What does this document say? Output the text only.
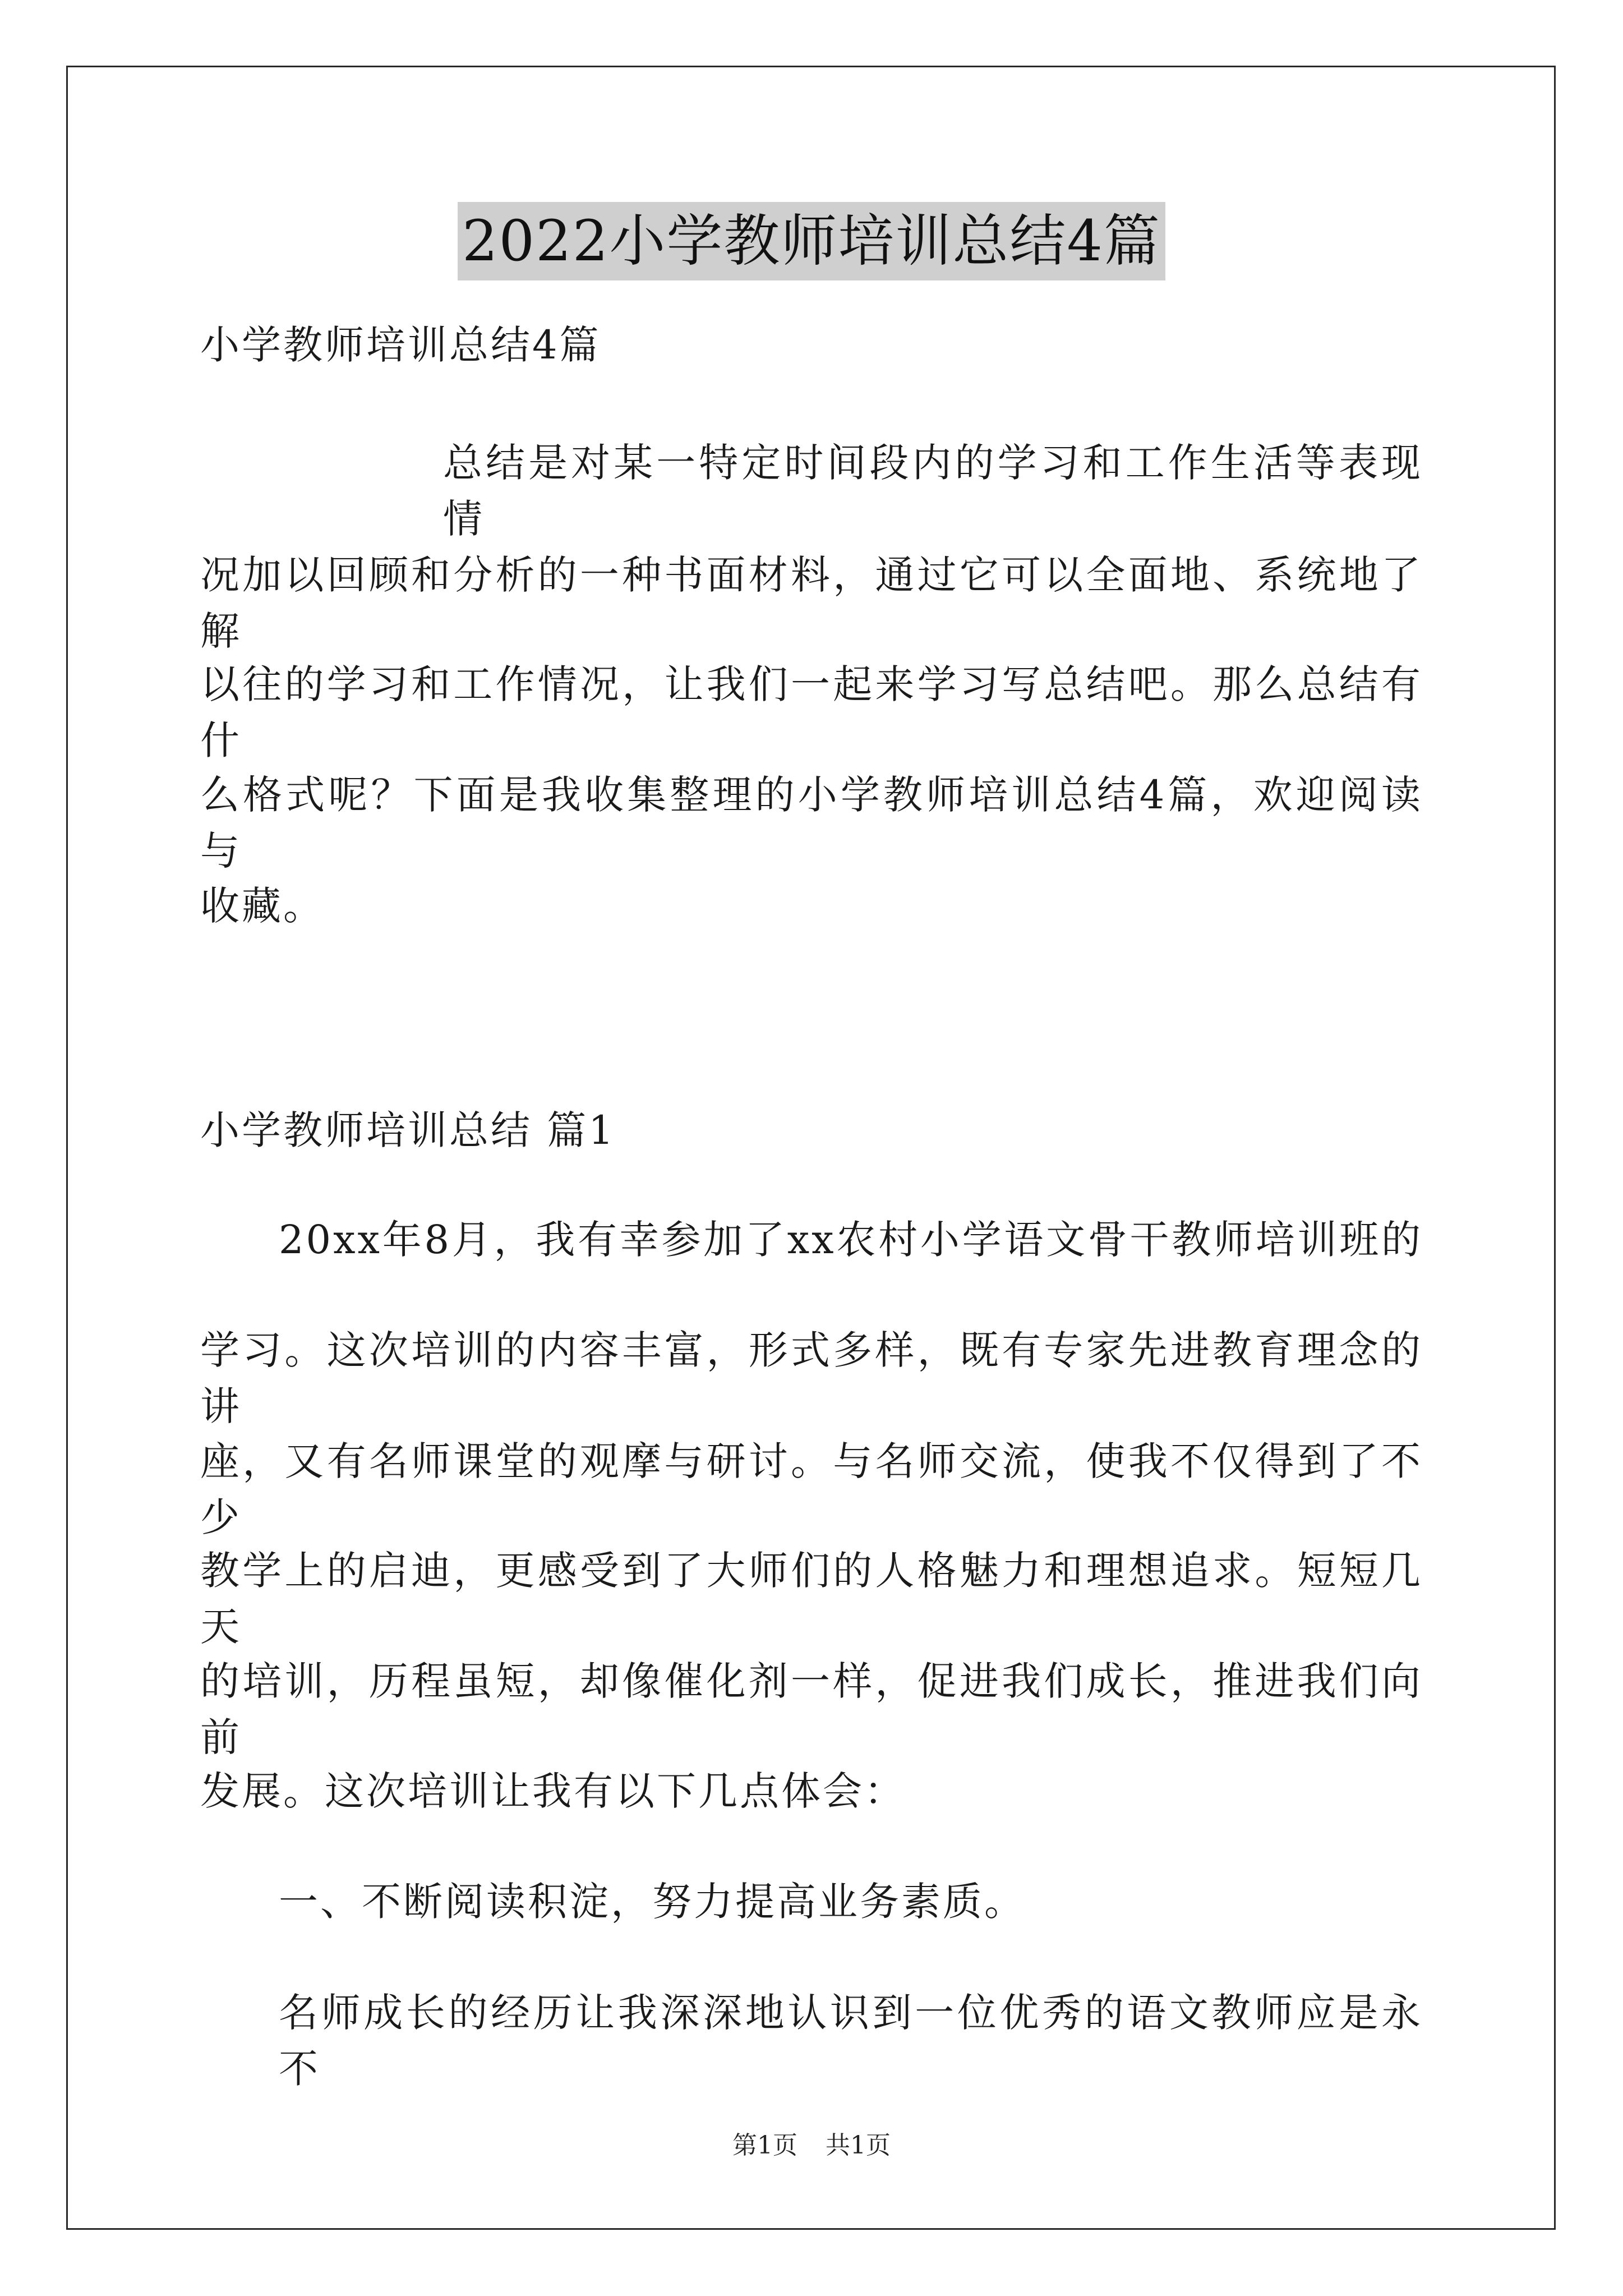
2022小学教师培训总结4篇
小学教师培训总结4篇
总结是对某一特定时间段内的学习和工作生活等表现情
况加以回顾和分析的一种书面材料，通过它可以全面地、系统地了解
以往的学习和工作情况，让我们一起来学习写总结吧。那么总结有什
么格式呢？下面是我收集整理的小学教师培训总结4篇，欢迎阅读与
收藏。
小学教师培训总结 篇1
20xx年8月，我有幸参加了xx农村小学语文骨干教师培训班的
学习。这次培训的内容丰富，形式多样，既有专家先进教育理念的讲
座，又有名师课堂的观摩与研讨。与名师交流，使我不仅得到了不少
教学上的启迪，更感受到了大师们的人格魅力和理想追求。短短几天
的培训，历程虽短，却像催化剂一样，促进我们成长，推进我们向前
发展。这次培训让我有以下几点体会：
一、不断阅读积淀，努力提高业务素质。
名师成长的经历让我深深地认识到一位优秀的语文教师应是永不
第1页 共1页
